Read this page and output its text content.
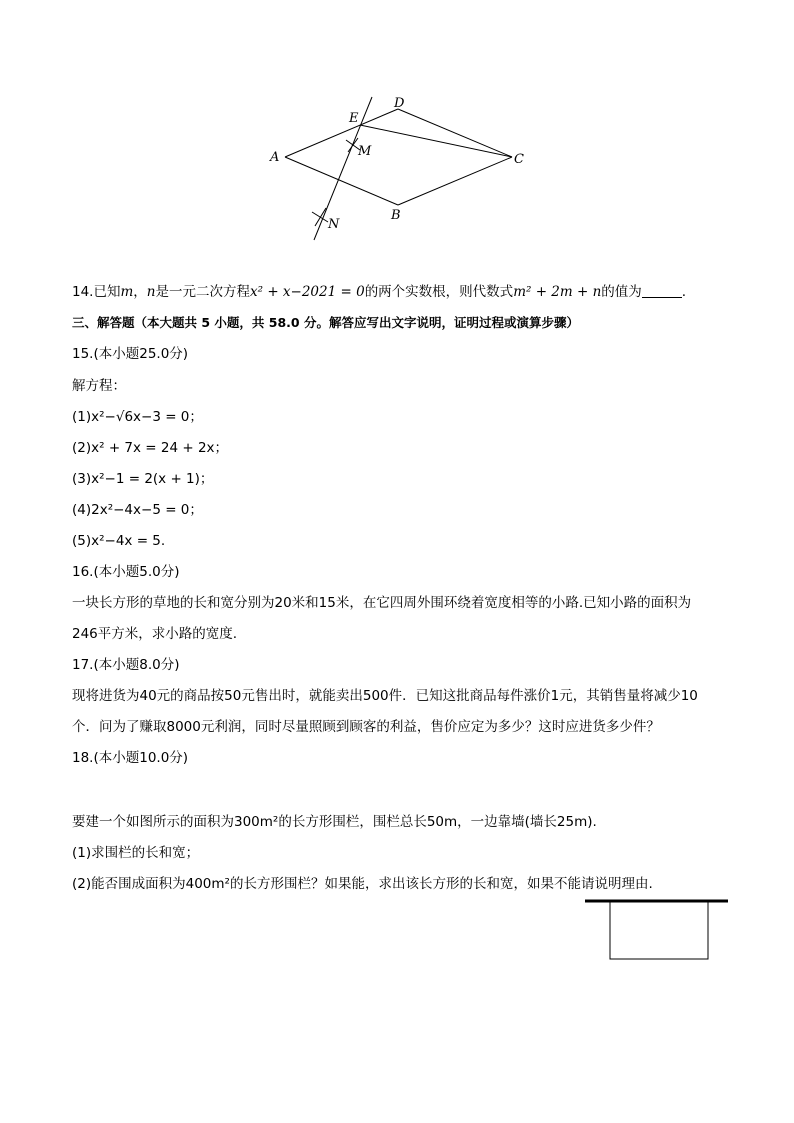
A
B
C
D
E
M
N
14.已知m，n是一元二次方程x² + x−2021 = 0的两个实数根，则代数式m² + 2m + n的值为	.
三、解答题（本大题共 5 小题，共 58.0 分。解答应写出文字说明，证明过程或演算步骤）
15.(本小题25.0分)
解方程：
(1)x²−√6x−3 = 0；
(2)x² + 7x = 24 + 2x；
(3)x²−1 = 2(x + 1)；
(4)2x²−4x−5 = 0；
(5)x²−4x = 5.
16.(本小题5.0分)
一块长方形的草地的长和宽分别为20米和15米，在它四周外围环绕着宽度相等的小路.已知小路的面积为
246平方米，求小路的宽度.
17.(本小题8.0分)
现将进货为40元的商品按50元售出时，就能卖出500件．已知这批商品每件涨价1元，其销售量将减少10
个．问为了赚取8000元利润，同时尽量照顾到顾客的利益，售价应定为多少？这时应进货多少件？
18.(本小题10.0分)
要建一个如图所示的面积为300m²的长方形围栏，围栏总长50m，一边靠墙(墙长25m).
(1)求围栏的长和宽；
(2)能否围成面积为400m²的长方形围栏？如果能，求出该长方形的长和宽，如果不能请说明理由.
